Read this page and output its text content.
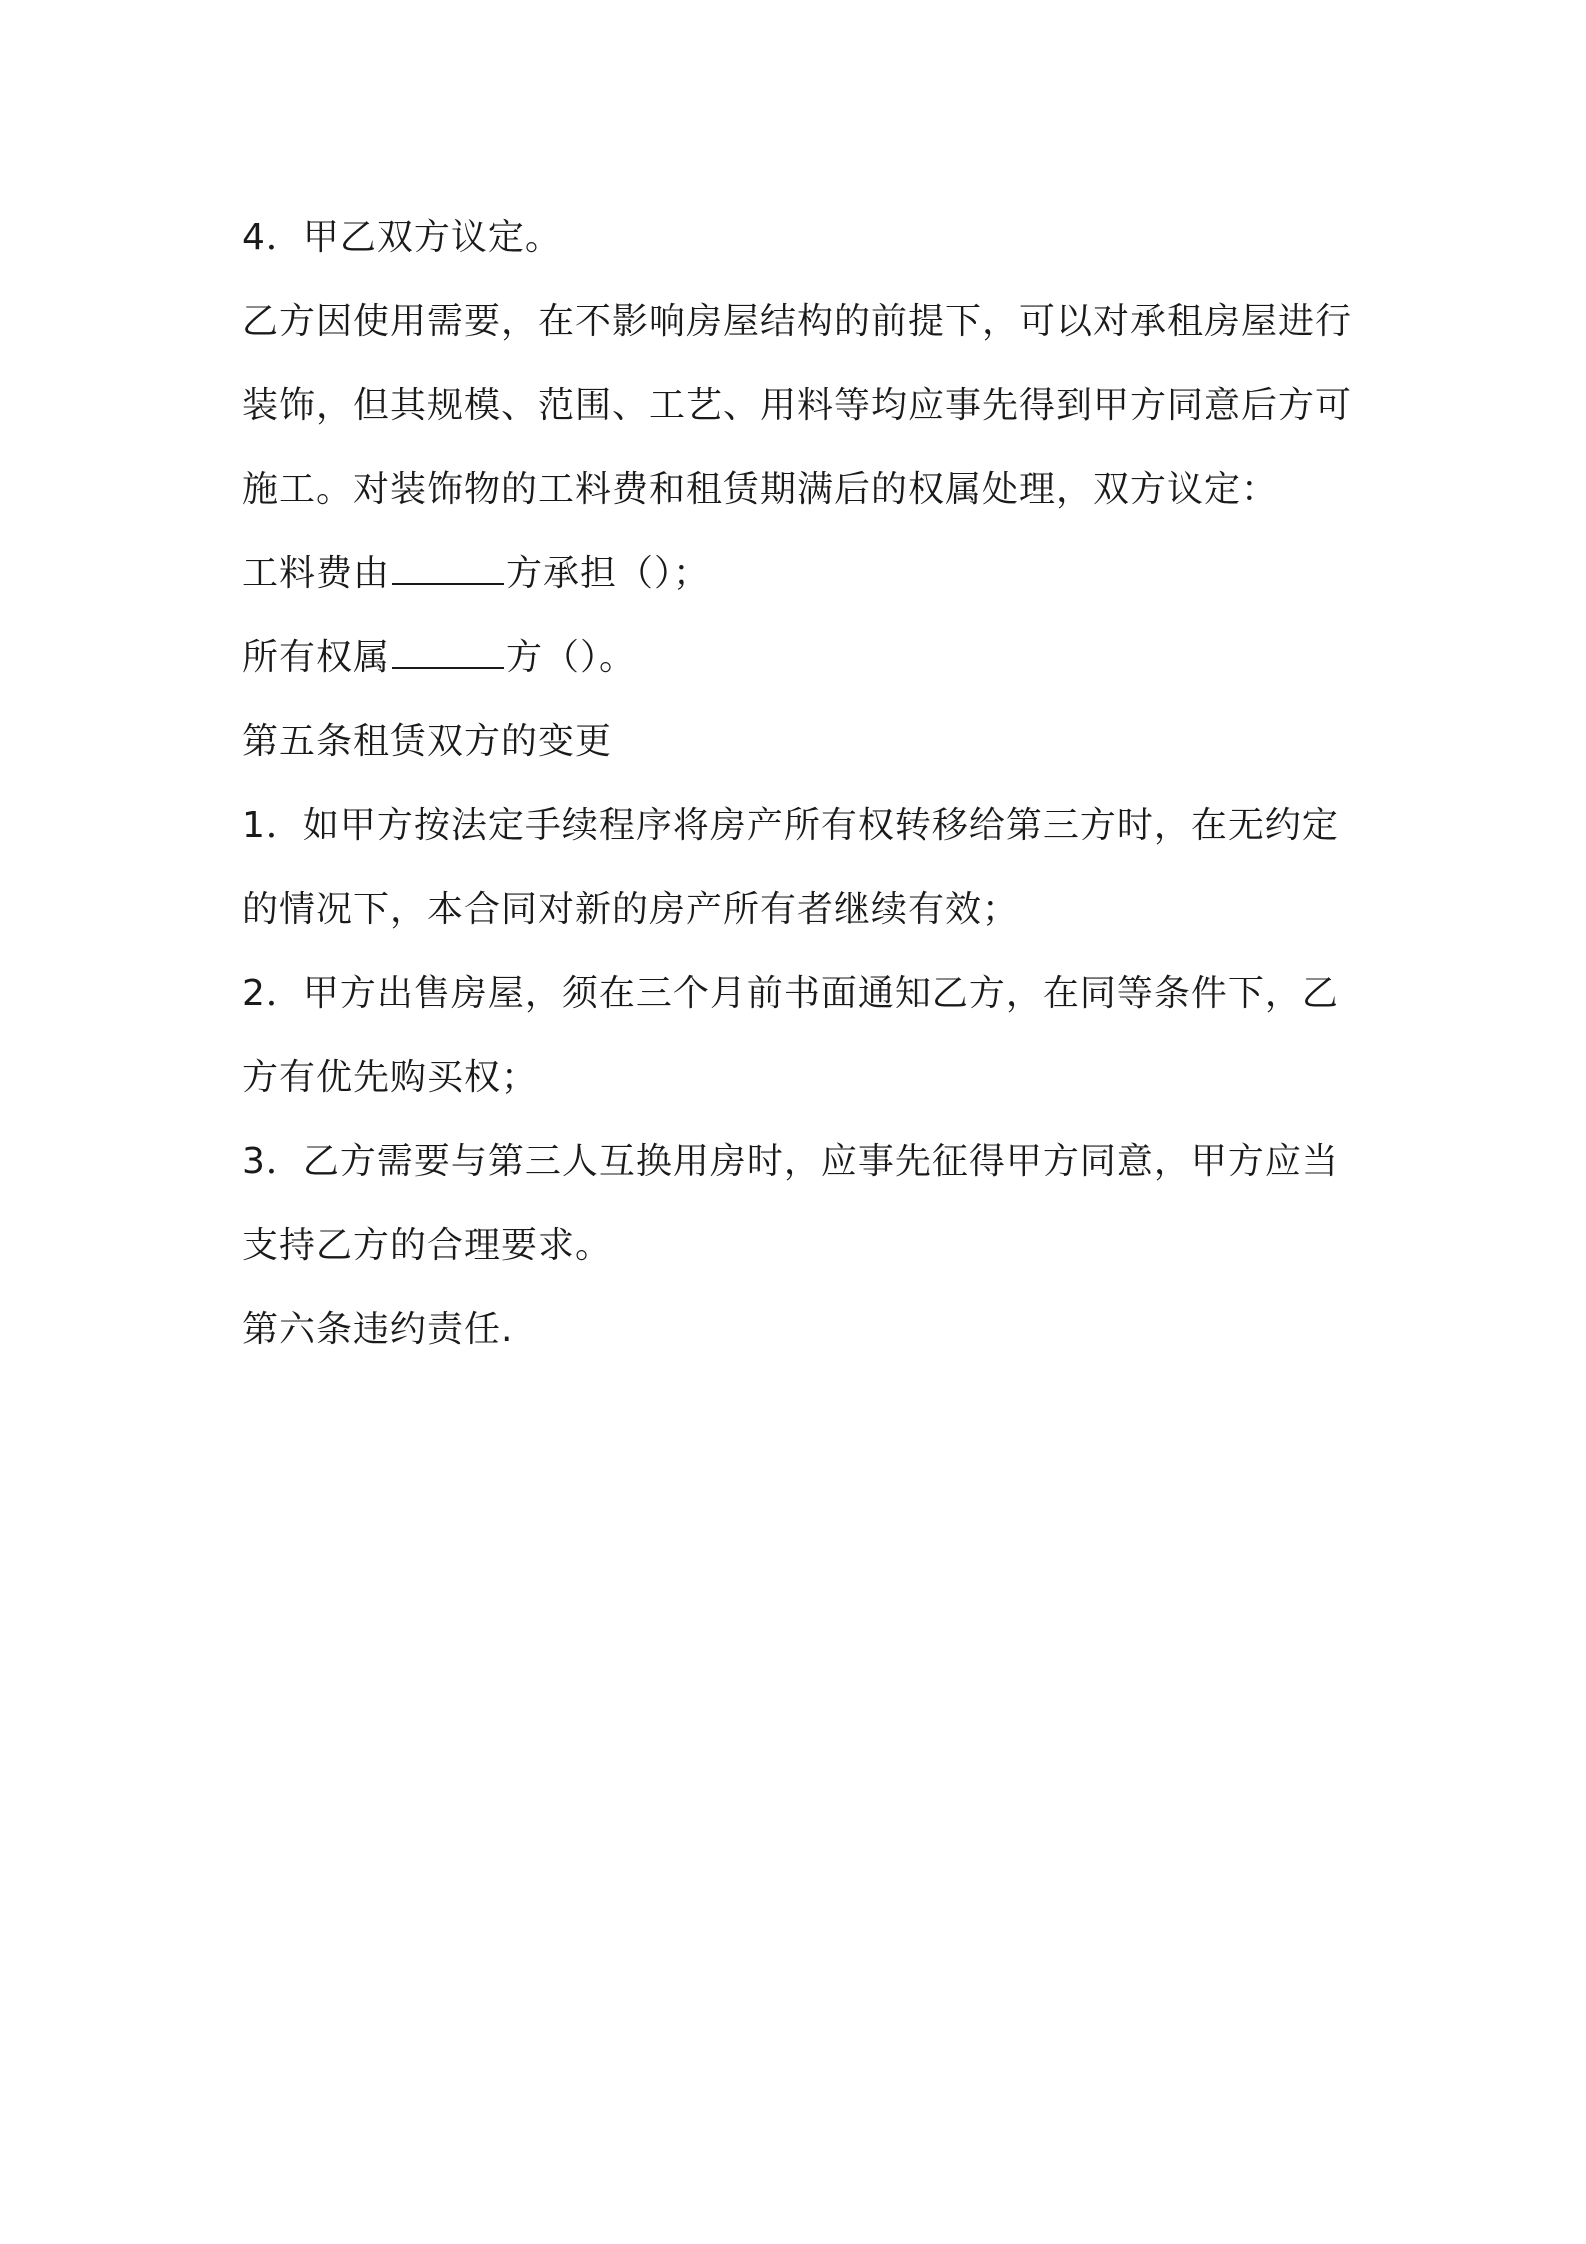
4．甲乙双方议定。
乙方因使用需要，在不影响房屋结构的前提下，可以对承租房屋进行
装饰，但其规模、范围、工艺、用料等均应事先得到甲方同意后方可
施工。对装饰物的工料费和租赁期满后的权属处理，双方议定：
工料费由	方承担（）；
所有权属	方（）。
第五条租赁双方的变更
1．如甲方按法定手续程序将房产所有权转移给第三方时，在无约定
的情况下，本合同对新的房产所有者继续有效；
2．甲方出售房屋，须在三个月前书面通知乙方，在同等条件下，乙
方有优先购买权；
3．乙方需要与第三人互换用房时，应事先征得甲方同意，甲方应当
支持乙方的合理要求。
第六条违约责任.
